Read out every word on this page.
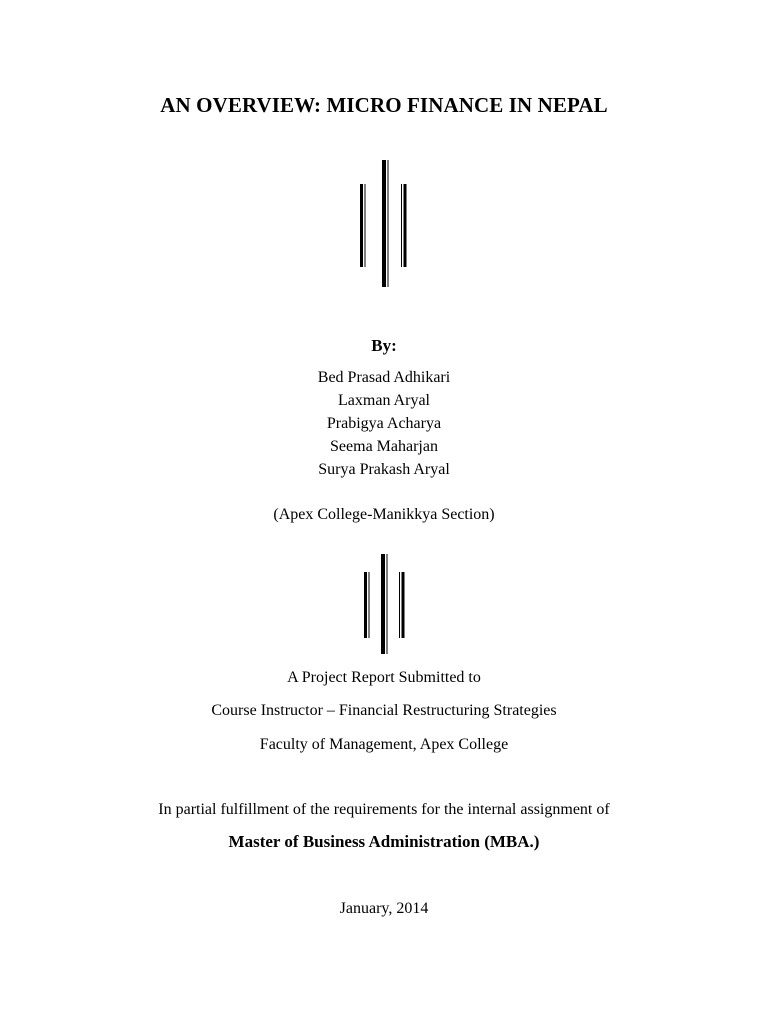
AN OVERVIEW: MICRO FINANCE IN NEPAL
By:
Bed Prasad Adhikari
Laxman Aryal
Prabigya Acharya
Seema Maharjan
Surya Prakash Aryal
(Apex College-Manikkya Section)
A Project Report Submitted to
Course Instructor – Financial Restructuring Strategies
Faculty of Management, Apex College
In partial fulfillment of the requirements for the internal assignment of
Master of Business Administration (MBA.)
January, 2014
